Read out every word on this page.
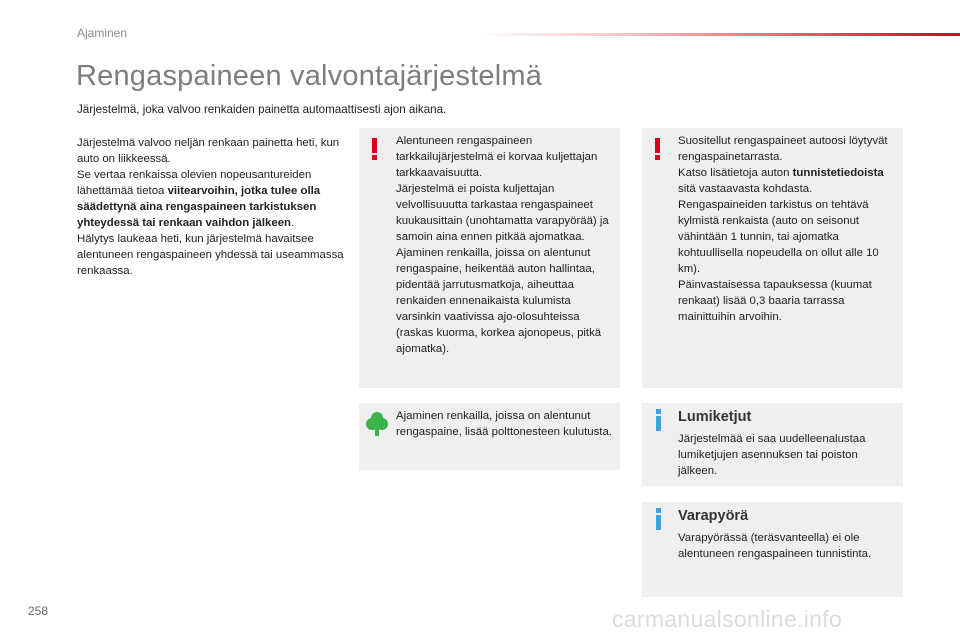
Ajaminen
Rengaspaineen valvontajärjestelmä

Järjestelmä, joka valvoo renkaiden painetta automaattisesti ajon aikana.

Järjestelmä valvoo neljän renkaan painetta heti, kun auto on liikkeessä.
Se vertaa renkaissa olevien nopeusantureiden lähettämää tietoa viitearvoihin, jotka tulee olla säädettynä aina rengaspaineen tarkistuksen yhteydessä tai renkaan vaihdon jälkeen.
Hälytys laukeaa heti, kun järjestelmä havaitsee alentuneen rengaspaineen yhdessä tai useammassa renkaassa.
Alentuneen rengaspaineen tarkkailujärjestelmä ei korvaa kuljettajan tarkkaavaisuutta.
Järjestelmä ei poista kuljettajan velvollisuuutta tarkastaa rengaspaineet kuukausittain (unohtamatta varapyörää) ja samoin aina ennen pitkää ajomatkaa.
Ajaminen renkailla, joissa on alentunut rengaspaine, heikentää auton hallintaa, pidentää jarrutusmatkoja, aiheuttaa renkaiden ennenaikaista kulumista varsinkin vaativissa ajo-olosuhteissa (raskas kuorma, korkea ajonopeus, pitkä ajomatka).
Suositellut rengaspaineet autoosi löytyvät rengaspainetarrasta.
Katso lisätietoja auton tunnistetiedoista sitä vastaavasta kohdasta.
Rengaspaineiden tarkistus on tehtävä kylmistä renkaista (auto on seisonut vähintään 1 tunnin, tai ajomatka kohtuullisella nopeudella on ollut alle 10 km).
Päinvastaisessa tapauksessa (kuumat renkaat) lisää 0,3 baaria tarrassa mainittuihin arvoihin.
Ajaminen renkailla, joissa on alentunut rengaspaine, lisää polttonesteen kulutusta.
Lumiketjut
Järjestelmää ei saa uudelleenalustaa lumiketjujen asennuksen tai poiston jälkeen.
Varapyörä
Varapyörässä (teräsvanteella) ei ole alentuneen rengaspaineen tunnistinta.
258	carmanualsonline.info
